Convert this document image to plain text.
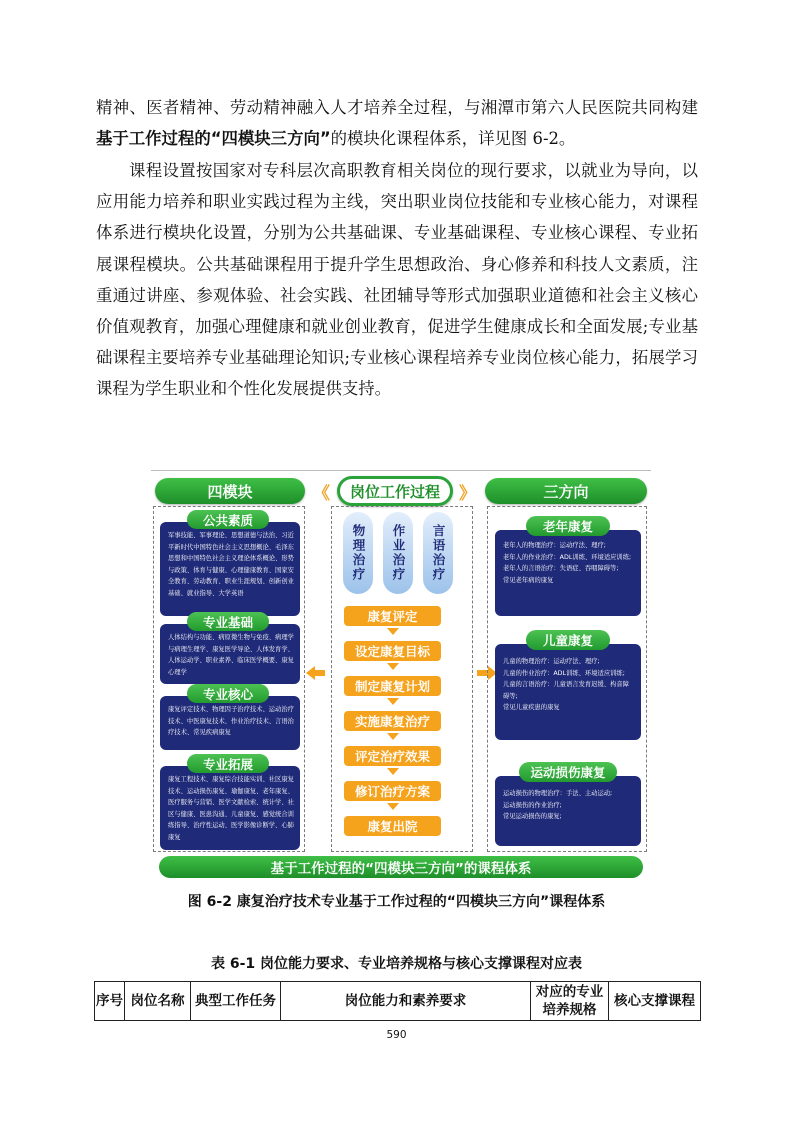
精神、医者精神、劳动精神融入人才培养全过程，与湘潭市第六人民医院共同构建基于工作过程的“四模块三方向”的模块化课程体系，详见图 6-2。

课程设置按国家对专科层次高职教育相关岗位的现行要求，以就业为导向，以应用能力培养和职业实践过程为主线，突出职业岗位技能和专业核心能力，对课程体系进行模块化设置，分别为公共基础课、专业基础课程、专业核心课程、专业拓展课程模块。公共基础课程用于提升学生思想政治、身心修养和科技人文素质，注重通过讲座、参观体验、社会实践、社团辅导等形式加强职业道德和社会主义核心价值观教育，加强心理健康和就业创业教育，促进学生健康成长和全面发展;专业基础课程主要培养专业基础理论知识;专业核心课程培养专业岗位核心能力，拓展学习课程为学生职业和个性化发展提供支持。

四模块	《	岗位工作过程	》	三方向
公共素质
军事技能、军事理论、思想道德与法治、习近平新时代中国特色社会主义思想概论、毛泽东思想和中国特色社会主义理论体系概论、形势与政策、体育与健康、心理健康教育、国家安全教育、劳动教育、职业生涯规划、创新创业基础、就业指导、大学英语
专业基础
人体结构与功能、病原微生物与免疫、病理学与病理生理学、康复医学导论、人体发育学、人体运动学、职业素养、临床医学概要、康复心理学
专业核心
康复评定技术、物理因子治疗技术、运动治疗技术、中医康复技术、作业治疗技术、言语治疗技术、常见疾病康复
专业拓展
康复工程技术、康复综合技能实训、社区康复技术、运动损伤康复、瑜伽康复、老年康复、医疗服务与营销、医学文献检索、统计学、社区与健康、医患沟通、儿童康复、感觉统合训练指导、治疗性运动、医学影像诊断学、心肺康复
物理治疗	作业治疗	言语治疗
康复评定
设定康复目标
制定康复计划
实施康复治疗
评定治疗效果
修订治疗方案
康复出院
老年康复
老年人的物理治疗：运动疗法、理疗;
老年人的作业治疗：ADL训练、环境适应训练;
老年人的言语治疗：失语症、吞咽障碍等;
常见老年病的康复
儿童康复
儿童的物理治疗：运动疗法、理疗;
儿童的作业治疗：ADL训练、环境适应训练;
儿童的言语治疗：儿童语言发育迟缓、构音障碍等;
常见儿童疾患的康复
运动损伤康复
运动损伤的物理治疗：手法、主动运动;
运动损伤的作业治疗;
常见运动损伤的康复;
基于工作过程的“四模块三方向”的课程体系
图 6-2 康复治疗技术专业基于工作过程的“四模块三方向”课程体系
表 6-1 岗位能力要求、专业培养规格与核心支撑课程对应表
序号	岗位名称	典型工作任务	岗位能力和素养要求	对应的专业培养规格	核心支撑课程
590
